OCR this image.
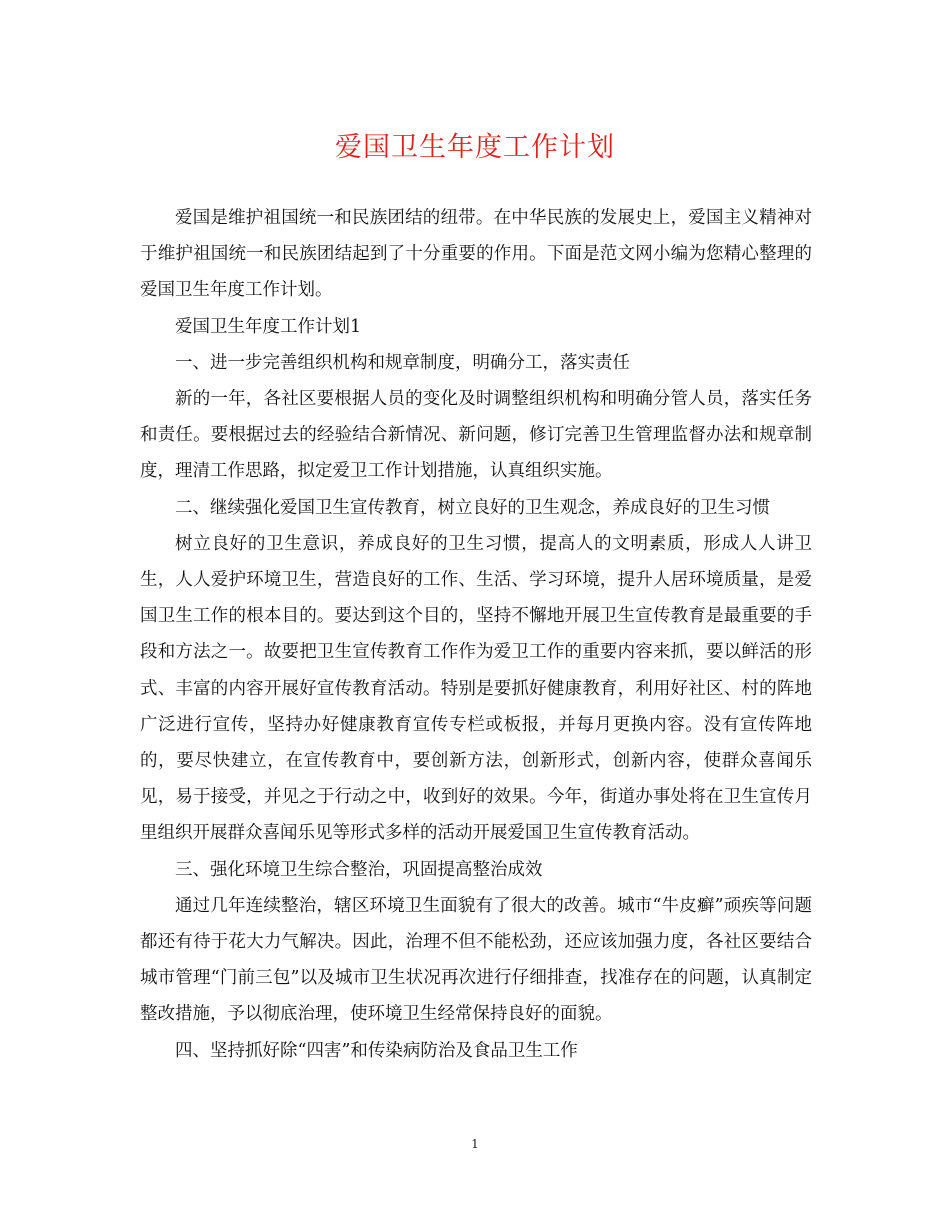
爱国卫生年度工作计划

爱国是维护祖国统一和民族团结的纽带。在中华民族的发展史上，爱国主义精神对于维护祖国统一和民族团结起到了十分重要的作用。下面是范文网小编为您精心整理的爱国卫生年度工作计划。

爱国卫生年度工作计划1

一、进一步完善组织机构和规章制度，明确分工，落实责任

新的一年，各社区要根据人员的变化及时调整组织机构和明确分管人员，落实任务和责任。要根据过去的经验结合新情况、新问题，修订完善卫生管理监督办法和规章制度，理清工作思路，拟定爱卫工作计划措施，认真组织实施。

二、继续强化爱国卫生宣传教育，树立良好的卫生观念，养成良好的卫生习惯

树立良好的卫生意识，养成良好的卫生习惯，提高人的文明素质，形成人人讲卫生，人人爱护环境卫生，营造良好的工作、生活、学习环境，提升人居环境质量，是爱国卫生工作的根本目的。要达到这个目的，坚持不懈地开展卫生宣传教育是最重要的手段和方法之一。故要把卫生宣传教育工作作为爱卫工作的重要内容来抓，要以鲜活的形式、丰富的内容开展好宣传教育活动。特别是要抓好健康教育，利用好社区、村的阵地广泛进行宣传，坚持办好健康教育宣传专栏或板报，并每月更换内容。没有宣传阵地的，要尽快建立，在宣传教育中，要创新方法，创新形式，创新内容，使群众喜闻乐见，易于接受，并见之于行动之中，收到好的效果。今年，街道办事处将在卫生宣传月里组织开展群众喜闻乐见等形式多样的活动开展爱国卫生宣传教育活动。

三、强化环境卫生综合整治，巩固提高整治成效

通过几年连续整治，辖区环境卫生面貌有了很大的改善。城市“牛皮癣”顽疾等问题都还有待于花大力气解决。因此，治理不但不能松劲，还应该加强力度，各社区要结合城市管理“门前三包”以及城市卫生状况再次进行仔细排查，找准存在的问题，认真制定整改措施，予以彻底治理，使环境卫生经常保持良好的面貌。

四、坚持抓好除“四害”和传染病防治及食品卫生工作

1
